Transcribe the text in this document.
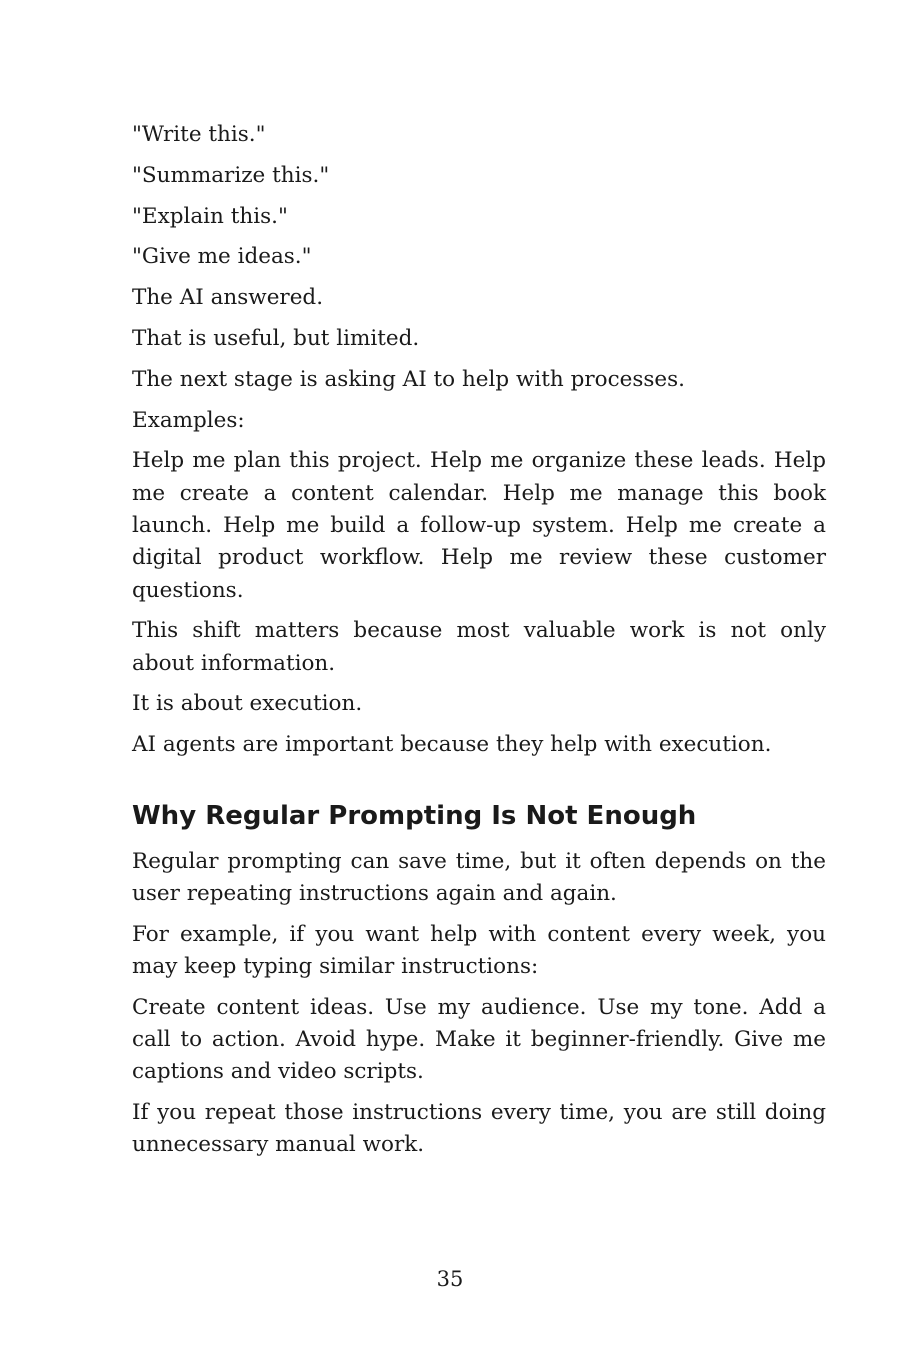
"Write this."

"Summarize this."

"Explain this."

"Give me ideas."

The AI answered.

That is useful, but limited.

The next stage is asking AI to help with processes.

Examples:

Help me plan this project. Help me organize these leads. Help me create a content calendar. Help me manage this book launch. Help me build a follow-up system. Help me create a digital product workflow. Help me review these customer questions.

This shift matters because most valuable work is not only about information.

It is about execution.

AI agents are important because they help with execution.

Why Regular Prompting Is Not Enough

Regular prompting can save time, but it often depends on the user repeating instructions again and again.

For example, if you want help with content every week, you may keep typing similar instructions:

Create content ideas. Use my audience. Use my tone. Add a call to action. Avoid hype. Make it beginner-friendly. Give me captions and video scripts.

If you repeat those instructions every time, you are still doing unnecessary manual work.

35
